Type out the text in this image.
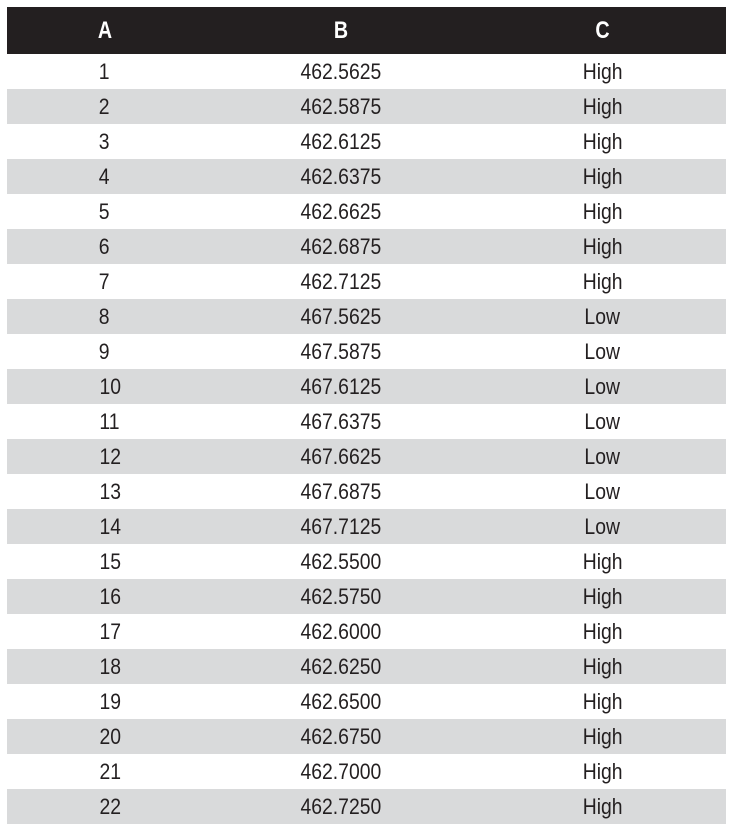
A	B	C
1	462.5625	High
2	462.5875	High
3	462.6125	High
4	462.6375	High
5	462.6625	High
6	462.6875	High
7	462.7125	High
8	467.5625	Low
9	467.5875	Low
10	467.6125	Low
11	467.6375	Low
12	467.6625	Low
13	467.6875	Low
14	467.7125	Low
15	462.5500	High
16	462.5750	High
17	462.6000	High
18	462.6250	High
19	462.6500	High
20	462.6750	High
21	462.7000	High
22	462.7250	High
